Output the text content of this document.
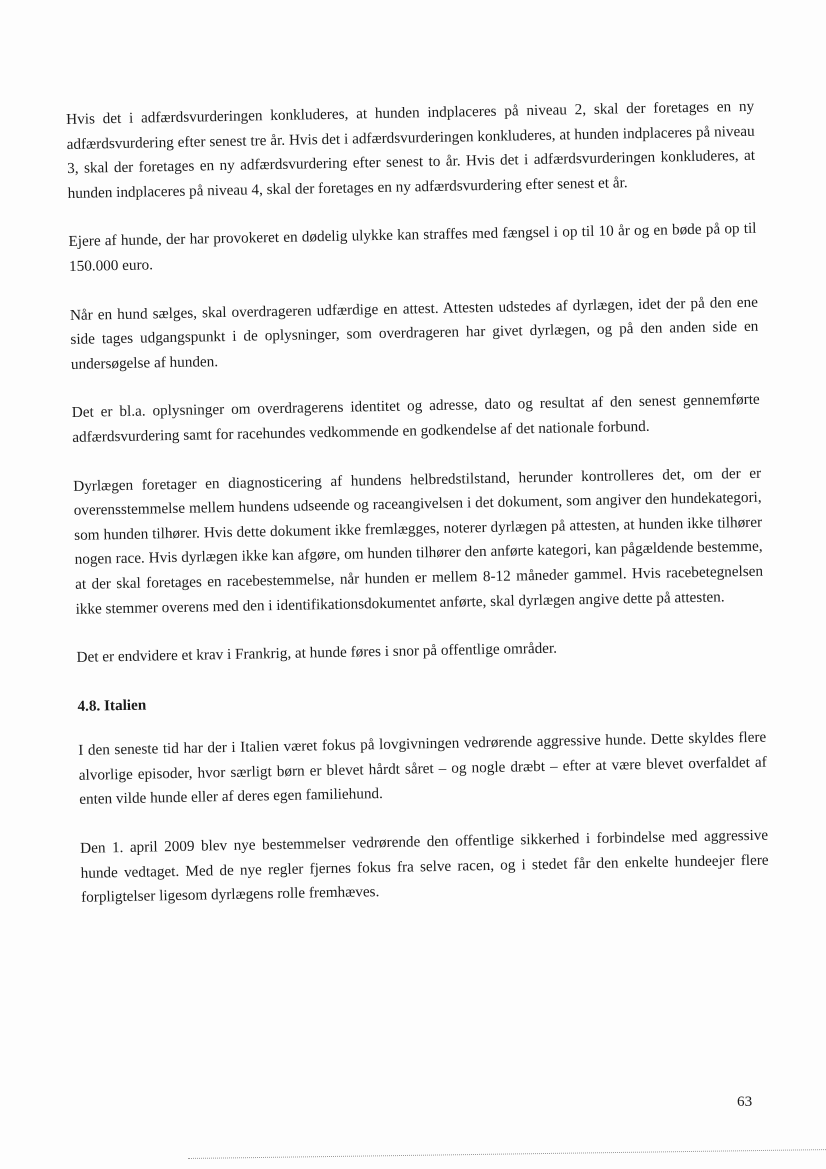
Hvis det i adfærdsvurderingen konkluderes, at hunden indplaceres på niveau 2, skal der foretages en ny adfærdsvurdering efter senest tre år. Hvis det i adfærdsvurderingen konkluderes, at hunden indplaceres på niveau 3, skal der foretages en ny adfærdsvurdering efter senest to år. Hvis det i adfærdsvurderingen konkluderes, at hunden indplaceres på niveau 4, skal der foretages en ny adfærdsvurdering efter senest et år.

Ejere af hunde, der har provokeret en dødelig ulykke kan straffes med fængsel i op til 10 år og en bøde på op til 150.000 euro.

Når en hund sælges, skal overdrageren udfærdige en attest. Attesten udstedes af dyrlægen, idet der på den ene side tages udgangspunkt i de oplysninger, som overdrageren har givet dyrlægen, og på den anden side en undersøgelse af hunden.

Det er bl.a. oplysninger om overdragerens identitet og adresse, dato og resultat af den senest gennemførte adfærdsvurdering samt for racehundes vedkommende en godkendelse af det nationale forbund.

Dyrlægen foretager en diagnosticering af hundens helbredstilstand, herunder kontrolleres det, om der er overensstemmelse mellem hundens udseende og raceangivelsen i det dokument, som angiver den hundekategori, som hunden tilhører. Hvis dette dokument ikke fremlægges, noterer dyrlægen på attesten, at hunden ikke tilhører nogen race. Hvis dyrlægen ikke kan afgøre, om hunden tilhører den anførte kategori, kan pågældende bestemme, at der skal foretages en racebestemmelse, når hunden er mellem 8-12 måneder gammel. Hvis racebetegnelsen ikke stemmer overens med den i identifikationsdokumentet anførte, skal dyrlægen angive dette på attesten.

Det er endvidere et krav i Frankrig, at hunde føres i snor på offentlige områder.

4.8. Italien

I den seneste tid har der i Italien været fokus på lovgivningen vedrørende aggressive hunde. Dette skyldes flere alvorlige episoder, hvor særligt børn er blevet hårdt såret – og nogle dræbt – efter at være blevet overfaldet af enten vilde hunde eller af deres egen familiehund.

Den 1. april 2009 blev nye bestemmelser vedrørende den offentlige sikkerhed i forbindelse med aggressive hunde vedtaget. Med de nye regler fjernes fokus fra selve racen, og i stedet får den enkelte hundeejer flere forpligtelser ligesom dyrlægens rolle fremhæves.

63
